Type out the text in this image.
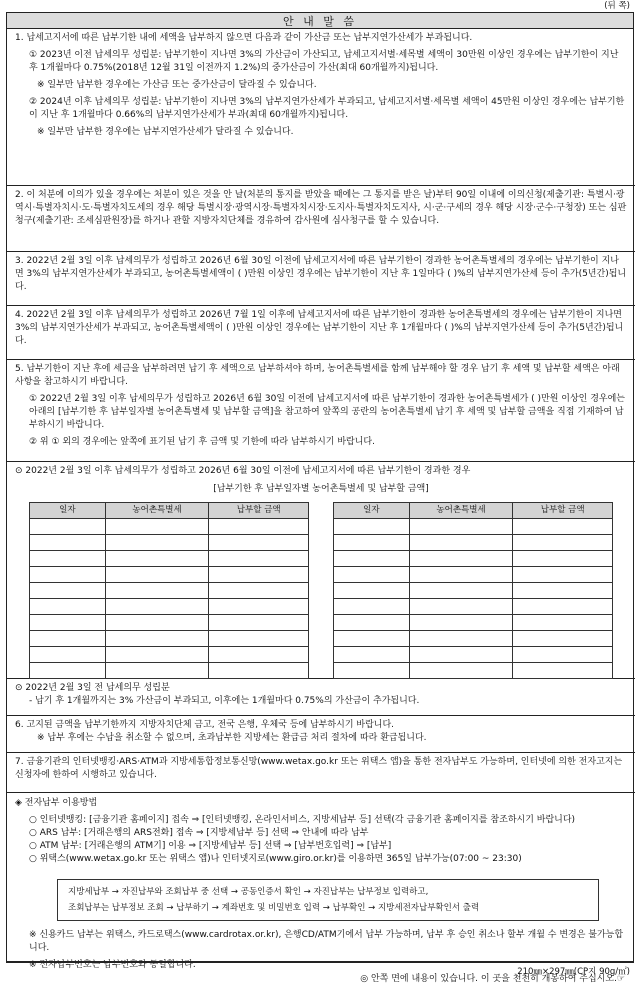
(뒤 쪽)
안 내 말 씀

1. 납세고지서에 따른 납부기한 내에 세액을 납부하지 않으면 다음과 같이 가산금 또는 납부지연가산세가 부과됩니다.

① 2023년 이전 납세의무 성립분: 납부기한이 지나면 3%의 가산금이 가산되고, 납세고지서별·세목별 세액이 30만원 이상인 경우에는 납부기한이 지난 후 1개월마다 0.75%(2018년 12월 31일 이전까지 1.2%)의 중가산금이 가산(최대 60개월까지)됩니다.

※ 일부만 납부한 경우에는 가산금 또는 중가산금이 달라질 수 있습니다.

② 2024년 이후 납세의무 성립분: 납부기한이 지나면 3%의 납부지연가산세가 부과되고, 납세고지서별·세목별 세액이 45만원 이상인 경우에는 납부기한이 지난 후 1개월마다 0.66%의 납부지연가산세가 부과(최대 60개월까지)됩니다.

※ 일부만 납부한 경우에는 납부지연가산세가 달라질 수 있습니다.

2. 이 처분에 이의가 있을 경우에는 처분이 있은 것을 안 날(처분의 통지를 받았을 때에는 그 통지를 받은 날)부터 90일 이내에 이의신청(제출기관: 특별시·광역시·특별자치시·도·특별자치도세의 경우 해당 특별시장·광역시장·특별자치시장·도지사·특별자치도지사, 시·군·구세의 경우 해당 시장·군수·구청장) 또는 심판청구(제출기관: 조세심판원장)를 하거나 관할 지방자치단체를 경유하여 감사원에 심사청구를 할 수 있습니다.

3. 2022년 2월 3일 이후 납세의무가 성립하고 2026년 6월 30일 이전에 납세고지서에 따른 납부기한이 경과한 농어촌특별세의 경우에는 납부기한이 지나면 3%의 납부지연가산세가 부과되고, 농어촌특별세액이 ( )만원 이상인 경우에는 납부기한이 지난 후 1일마다 ( )%의 납부지연가산세 등이 추가(5년간)됩니다.

4. 2022년 2월 3일 이후 납세의무가 성립하고 2026년 7월 1일 이후에 납세고지서에 따른 납부기한이 경과한 농어촌특별세의 경우에는 납부기한이 지나면 3%의 납부지연가산세가 부과되고, 농어촌특별세액이 ( )만원 이상인 경우에는 납부기한이 지난 후 1개월마다 ( )%의 납부지연가산세 등이 추가(5년간)됩니다.

5. 납부기한이 지난 후에 세금을 납부하려면 납기 후 세액으로 납부하셔야 하며, 농어촌특별세를 함께 납부해야 할 경우 납기 후 세액 및 납부할 세액은 아래 사항을 참고하시기 바랍니다.

① 2022년 2월 3일 이후 납세의무가 성립하고 2026년 6월 30일 이전에 납세고지서에 따른 납부기한이 경과한 농어촌특별세가 ( )만원 이상인 경우에는 아래의 [납부기한 후 납부일자별 농어촌특별세 및 납부할 금액]을 참고하여 앞쪽의 공란의 농어촌특별세 납기 후 세액 및 납부할 금액을 직접 기재하여 납부하시기 바랍니다.

② 위 ① 외의 경우에는 앞쪽에 표기된 납기 후 금액 및 기한에 따라 납부하시기 바랍니다.

⊙ 2022년 2월 3일 이후 납세의무가 성립하고 2026년 6월 30일 이전에 납세고지서에 따른 납부기한이 경과한 경우

[납부기한 후 납부일자별 농어촌특별세 및 납부할 금액]

일자	농어촌특별세	납부할 금액

			일자	농어촌특별세	납부할 금액

⊙ 2022년 2월 3일 전 납세의무 성립분

- 납기 후 1개월까지는 3% 가산금이 부과되고, 이후에는 1개월마다 0.75%의 가산금이 추가됩니다.

6. 고지된 금액을 납부기한까지 지방자치단체 금고, 전국 은행, 우체국 등에 납부하시기 바랍니다.

※ 납부 후에는 수납을 취소할 수 없으며, 초과납부한 지방세는 환급금 처리 절차에 따라 환급됩니다.

7. 금융기관의 인터넷뱅킹·ARS·ATM과 지방세통합정보통신망(www.wetax.go.kr 또는 위택스 앱)을 통한 전자납부도 가능하며, 인터넷에 의한 전자고지는 신청자에 한하여 시행하고 있습니다.

◈ 전자납부 이용방법

○ 인터넷뱅킹: [금융기관 홈페이지] 접속 ⇒ [인터넷뱅킹, 온라인서비스, 지방세납부 등] 선택(각 금융기관 홈페이지를 참조하시기 바랍니다)

○ ARS 납부: [거래은행의 ARS전화] 접속 ⇒ [지방세납부 등] 선택 ⇒ 안내에 따라 납부

○ ATM 납부: [거래은행의 ATM기] 이용 ⇒ [지방세납부 등] 선택 ⇒ [납부번호입력] ⇒ [납부]

○ 위택스(www.wetax.go.kr 또는 위택스 앱)나 인터넷지로(www.giro.or.kr)를 이용하면 365일 납부가능(07:00 ~ 23:30)

지방세납부 → 자진납부와 조회납부 중 선택 → 공동인증서 확인 → 자진납부는 납부정보 입력하고,

조회납부는 납부정보 조회 → 납부하기 → 계좌번호 및 비밀번호 입력 → 납부확인 → 지방세전자납부확인서 출력

※ 신용카드 납부는 위택스, 카드로택스(www.cardrotax.or.kr), 은행CD/ATM기에서 납부 가능하며, 납부 후 승인 취소나 할부 개월 수 변경은 불가능합니다.

※ 전자납부번호는 납부번호와 동일합니다.

◎ 안쪽 면에 내용이 있습니다. 이 곳을 천천히 개봉하여 주십시오.☞

210㎜×297㎜(CP지 90g/㎡)
